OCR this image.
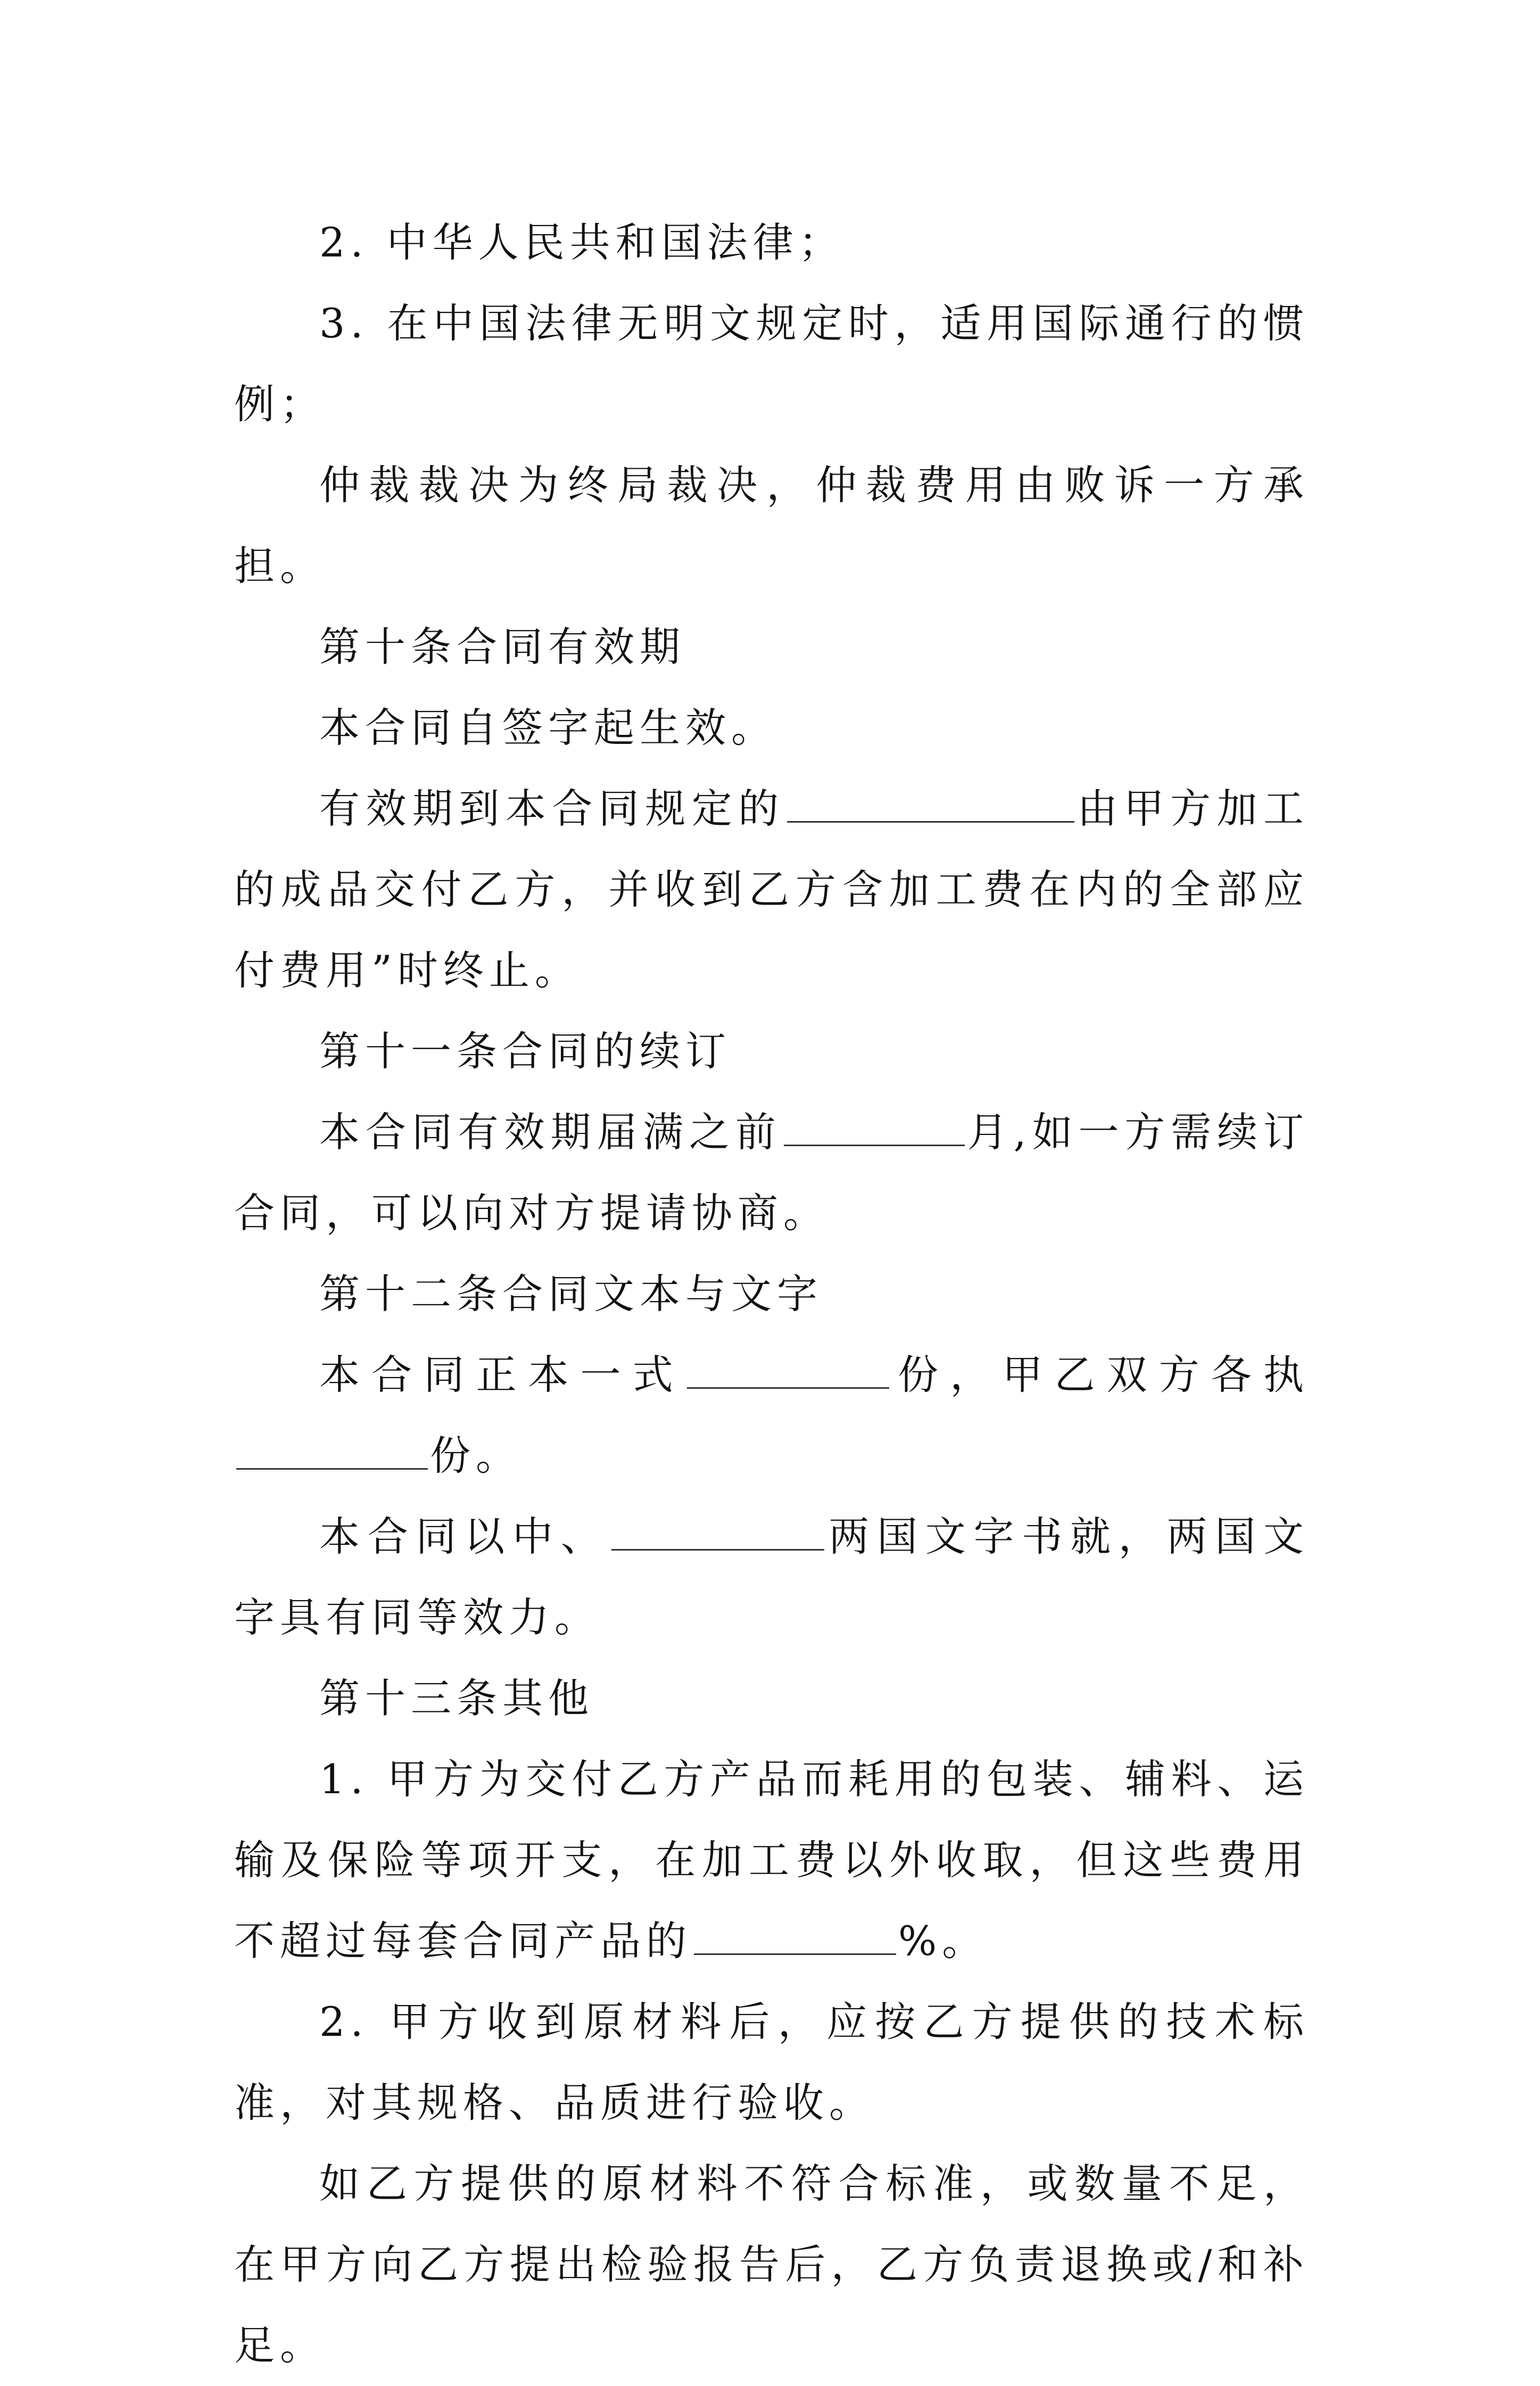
2. 中华人民共和国法律；

3. 在中国法律无明文规定时，适用国际通行的惯例；

仲裁裁决为终局裁决，仲裁费用由败诉一方承担。

第十条合同有效期

本合同自签字起生效。

有效期到本合同规定的	由甲方加工的成品交付乙方，并收到乙方含加工费在内的全部应付费用”时终止。

第十一条合同的续订

本合同有效期届满之前	月,如一方需续订合同，可以向对方提请协商。

第十二条合同文本与文字

本合同正本一式	份，甲乙双方各执份。

本合同以中、	两国文字书就，两国文字具有同等效力。

第十三条其他

1. 甲方为交付乙方产品而耗用的包装、辅料、运输及保险等项开支，在加工费以外收取，但这些费用不超过每套合同产品的	%。

2. 甲方收到原材料后，应按乙方提供的技术标准，对其规格、品质进行验收。

如乙方提供的原材料不符合标准，或数量不足，在甲方向乙方提出检验报告后，乙方负责退换或/和补足。
